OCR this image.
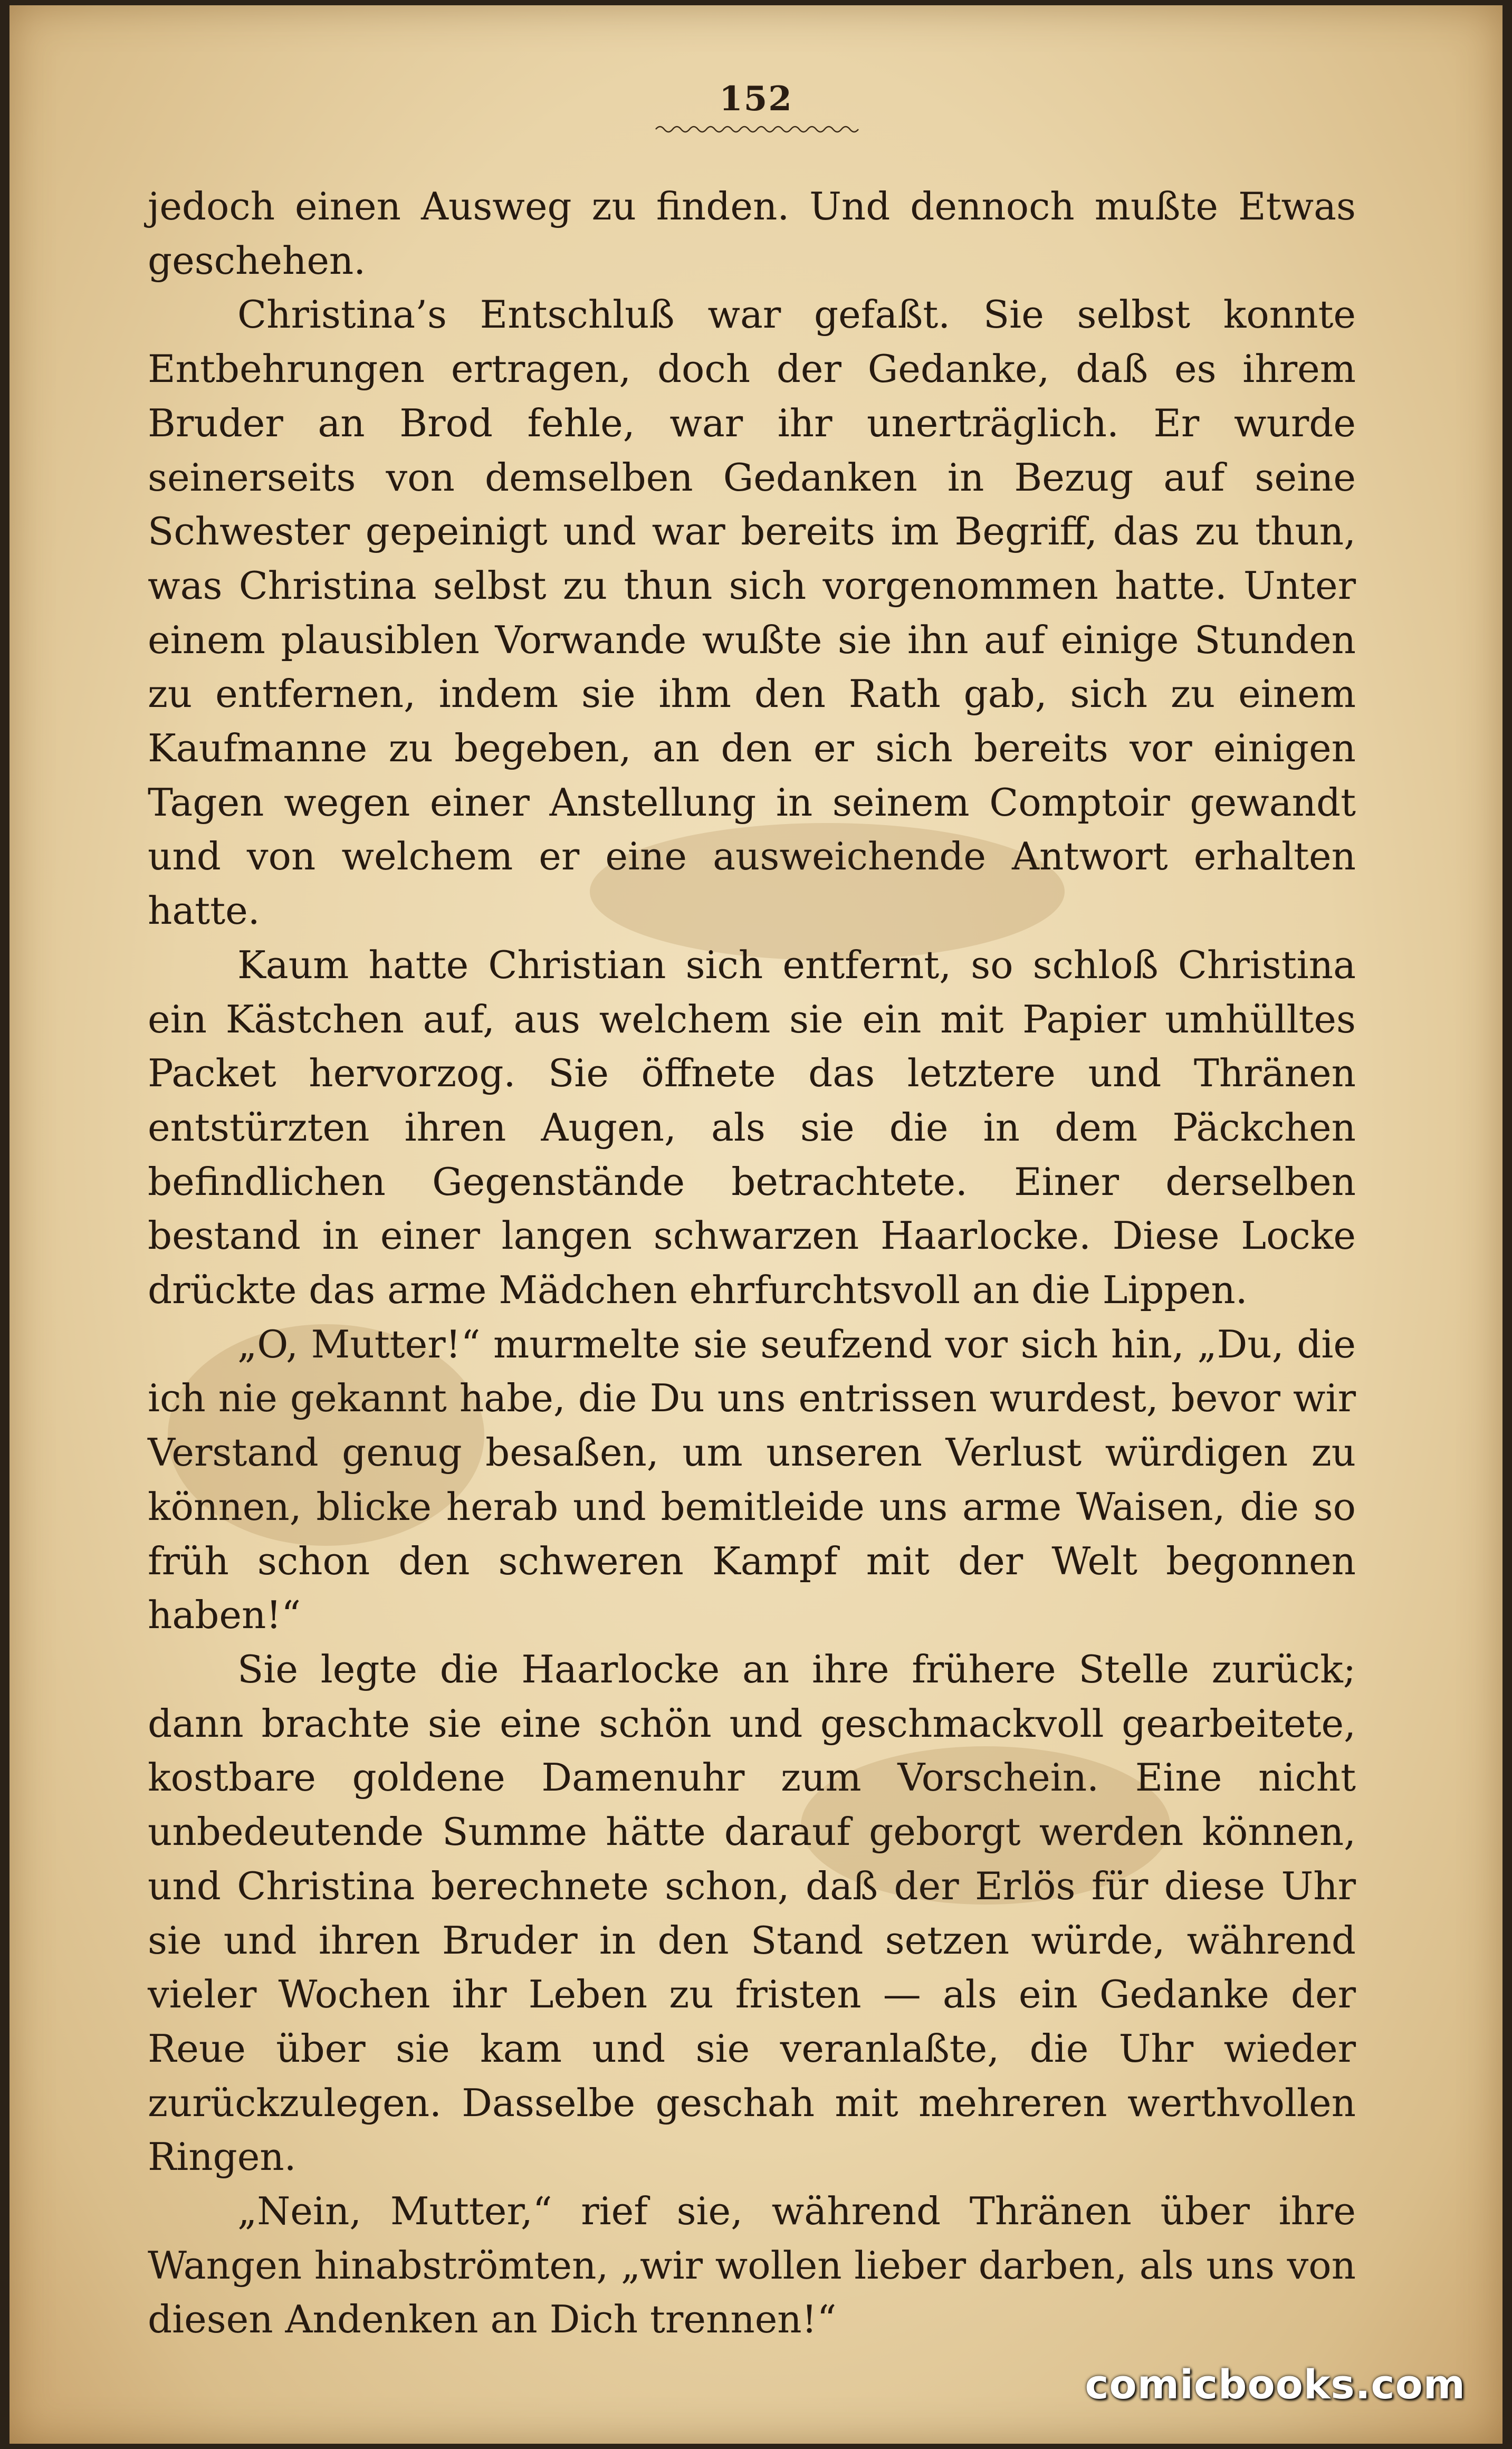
152

jedoch einen Ausweg zu finden. Und dennoch mußte Etwas geschehen.

Christina’s Entschluß war gefaßt. Sie selbst konnte Entbehrungen ertragen, doch der Gedanke, daß es ihrem Bruder an Brod fehle, war ihr unerträglich. Er wurde seinerseits von demselben Gedanken in Bezug auf seine Schwester gepeinigt und war bereits im Begriff, das zu thun, was Christina selbst zu thun sich vorgenommen hatte. Unter einem plausiblen Vorwande wußte sie ihn auf einige Stunden zu entfernen, indem sie ihm den Rath gab, sich zu einem Kaufmanne zu begeben, an den er sich bereits vor einigen Tagen wegen einer Anstellung in seinem Comptoir gewandt und von welchem er eine ausweichende Antwort erhalten hatte.

Kaum hatte Christian sich entfernt, so schloß Christina ein Kästchen auf, aus welchem sie ein mit Papier umhülltes Packet hervorzog. Sie öffnete das letztere und Thränen entstürzten ihren Augen, als sie die in dem Päckchen befindlichen Gegenstände betrachtete. Einer derselben bestand in einer langen schwarzen Haarlocke. Diese Locke drückte das arme Mädchen ehrfurchtsvoll an die Lippen.

„O, Mutter!“ murmelte sie seufzend vor sich hin, „Du, die ich nie gekannt habe, die Du uns entrissen wurdest, bevor wir Verstand genug besaßen, um unseren Verlust würdigen zu können, blicke herab und bemitleide uns arme Waisen, die so früh schon den schweren Kampf mit der Welt begonnen haben!“

Sie legte die Haarlocke an ihre frühere Stelle zurück; dann brachte sie eine schön und geschmackvoll gearbeitete, kostbare goldene Damenuhr zum Vorschein. Eine nicht unbedeutende Summe hätte darauf geborgt werden können, und Christina berechnete schon, daß der Erlös für diese Uhr sie und ihren Bruder in den Stand setzen würde, während vieler Wochen ihr Leben zu fristen — als ein Gedanke der Reue über sie kam und sie veranlaßte, die Uhr wieder zurückzulegen. Dasselbe geschah mit mehreren werthvollen Ringen.

„Nein, Mutter,“ rief sie, während Thränen über ihre Wangen hinabströmten, „wir wollen lieber darben, als uns von diesen Andenken an Dich trennen!“

comicbooks.com
